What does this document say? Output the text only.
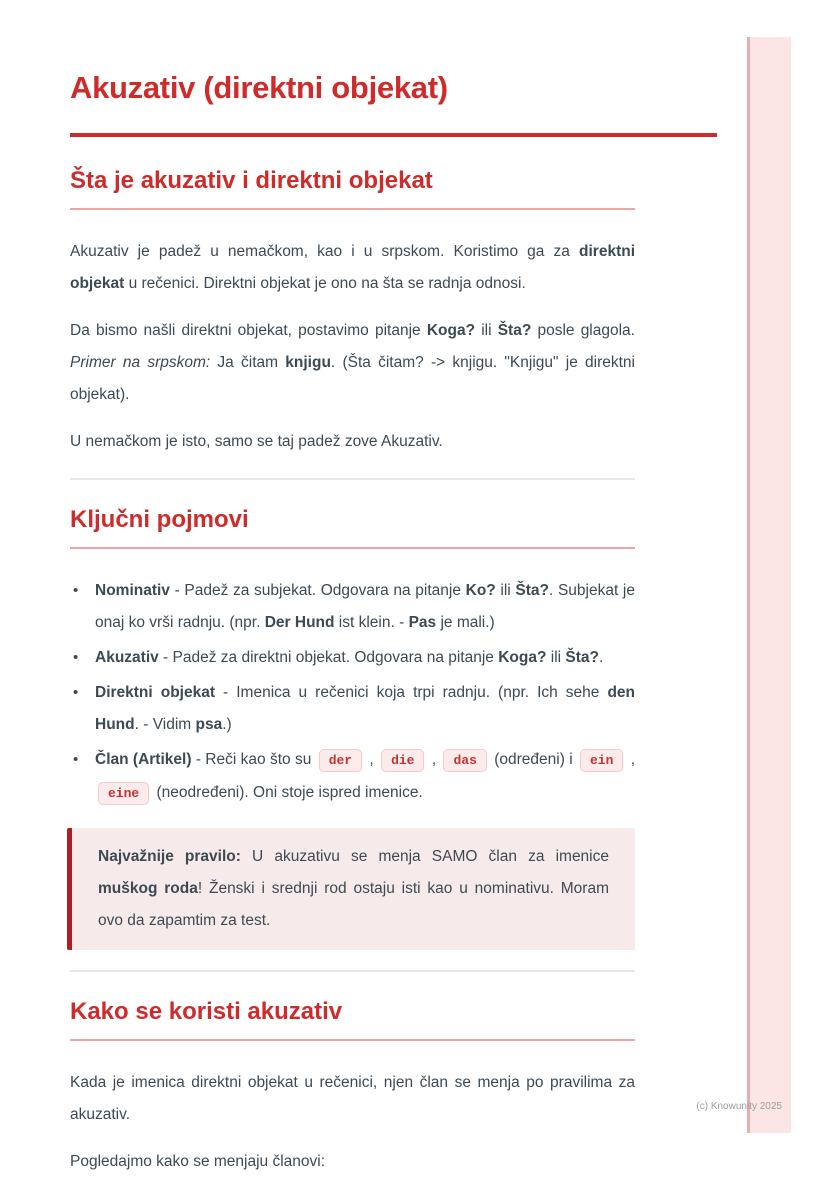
Akuzativ (direktni objekat)
Šta je akuzativ i direktni objekat

Akuzativ je padež u nemačkom, kao i u srpskom. Koristimo ga za direktni objekat u rečenici. Direktni objekat je ono na šta se radnja odnosi.

Da bismo našli direktni objekat, postavimo pitanje Koga? ili Šta? posle glagola. Primer na srpskom: Ja čitam knjigu. (Šta čitam? -> knjigu. "Knjigu" je direktni objekat).

U nemačkom je isto, samo se taj padež zove Akuzativ.

Ključni pojmovi
•	Nominativ - Padež za subjekat. Odgovara na pitanje Ko? ili Šta?. Subjekat je onaj ko vrši radnju. (npr. Der Hund ist klein. - Pas je mali.)
•	Akuzativ - Padež za direktni objekat. Odgovara na pitanje Koga? ili Šta?.
•	Direktni objekat - Imenica u rečenici koja trpi radnju. (npr. Ich sehe den Hund. - Vidim psa.)
•	Član (Artikel) - Reči kao što su der , die , das (određeni) i ein , eine (neodređeni). Oni stoje ispred imenice.

Najvažnije pravilo: U akuzativu se menja SAMO član za imenice muškog roda! Ženski i srednji rod ostaju isti kao u nominativu. Moram ovo da zapamtim za test.

Kako se koristi akuzativ

Kada je imenica direktni objekat u rečenici, njen član se menja po pravilima za akuzativ.

Pogledajmo kako se menjaju članovi:

(c) Knowunity 2025
